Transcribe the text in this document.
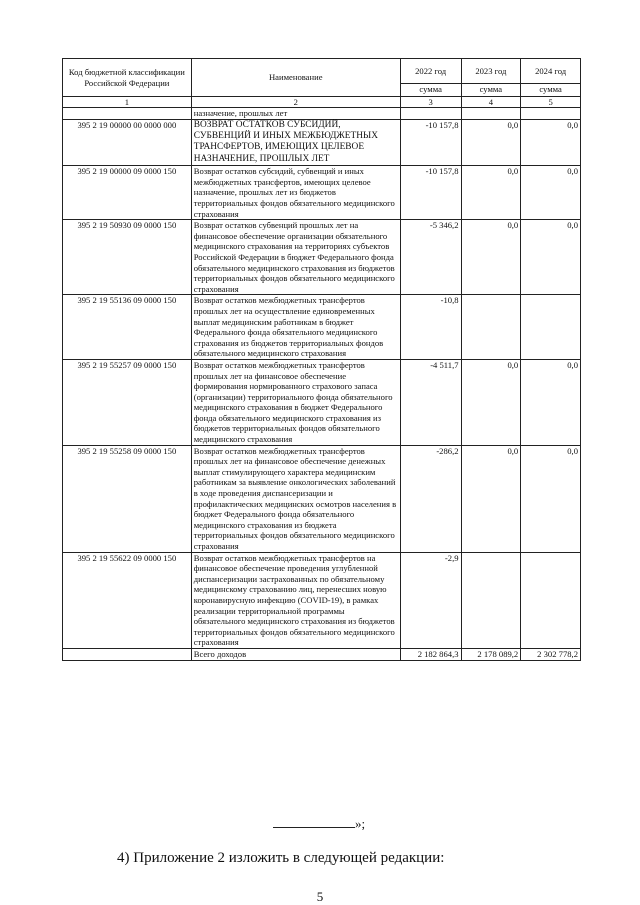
Код бюджетной классификации Российской Федерации	Наименование	2022 год	2023 год	2024 год
		сумма	сумма	сумма
1	2	3	4	5
	назначение, прошлых лет			
395 2 19 00000 00 0000 000	ВОЗВРАТ ОСТАТКОВ СУБСИДИЙ, СУБВЕНЦИЙ И ИНЫХ МЕЖБЮДЖЕТНЫХ ТРАНСФЕРТОВ, ИМЕЮЩИХ ЦЕЛЕВОЕ НАЗНАЧЕНИЕ, ПРОШЛЫХ ЛЕТ	-10 157,8	0,0	0,0
395 2 19 00000 09 0000 150	Возврат остатков субсидий, субвенций и иных межбюджетных трансфертов, имеющих целевое назначение, прошлых лет из бюджетов территориальных фондов обязательного медицинского страхования	-10 157,8	0,0	0,0
395 2 19 50930 09 0000 150	Возврат остатков субвенций прошлых лет на финансовое обеспечение организации обязательного медицинского страхования на территориях субъектов Российской Федерации в бюджет Федерального фонда обязательного медицинского страхования из бюджетов территориальных фондов обязательного медицинского страхования	-5 346,2	0,0	0,0
395 2 19 55136 09 0000 150	Возврат остатков межбюджетных трансфертов прошлых лет на осуществление единовременных выплат медицинским работникам в бюджет Федерального фонда обязательного медицинского страхования из бюджетов территориальных фондов обязательного медицинского страхования	-10,8		
395 2 19 55257 09 0000 150	Возврат остатков межбюджетных трансфертов прошлых лет на финансовое обеспечение формирования нормированного страхового запаса (организации) территориального фонда обязательного медицинского страхования в бюджет Федерального фонда обязательного медицинского страхования из бюджетов территориальных фондов обязательного медицинского страхования	-4 511,7	0,0	0,0
395 2 19 55258 09 0000 150	Возврат остатков межбюджетных трансфертов прошлых лет на финансовое обеспечение денежных выплат стимулирующего характера медицинским работникам за выявление онкологических заболеваний в ходе проведения диспансеризации и профилактических медицинских осмотров населения в бюджет Федерального фонда обязательного медицинского страхования из бюджета территориальных фондов обязательного медицинского страхования	-286,2	0,0	0,0
395 2 19 55622 09 0000 150	Возврат остатков межбюджетных трансфертов на финансовое обеспечение проведения углубленной диспансеризации застрахованных по обязательному медицинскому страхованию лиц, перенесших новую коронавирусную инфекцию (COVID-19), в рамках реализации территориальной программы обязательного медицинского страхования из бюджетов территориальных фондов обязательного медицинского страхования	-2,9		
	Всего доходов	2 182 864,3	2 178 089,2	2 302 778,2
»;
4) Приложение 2 изложить в следующей редакции:
5
